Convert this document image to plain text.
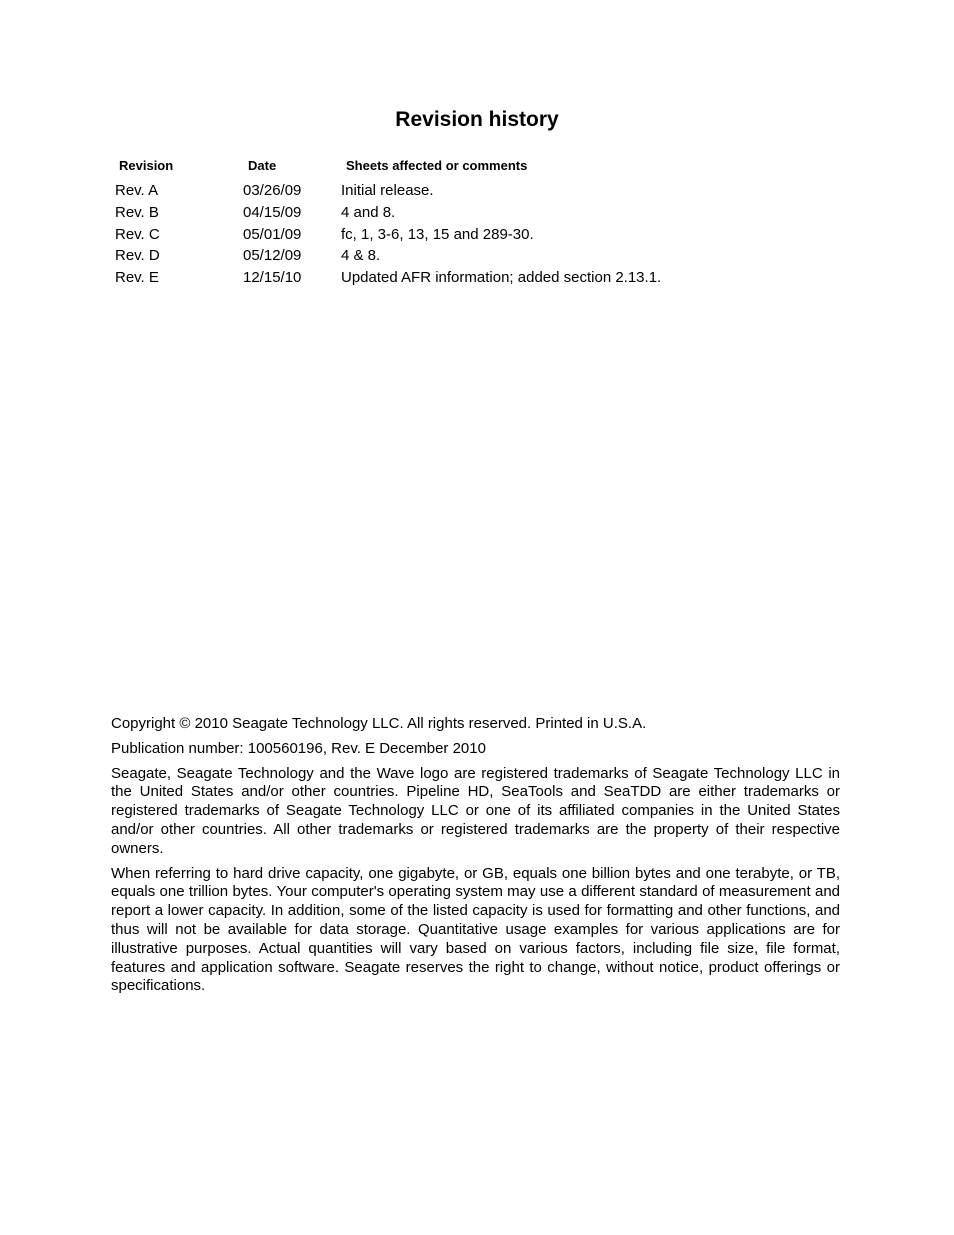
Revision history
Revision	Date	Sheets affected or comments
Rev. A	03/26/09	Initial release.
Rev. B	04/15/09	4 and 8.
Rev. C	05/01/09	fc, 1, 3-6, 13, 15 and 289-30.
Rev. D	05/12/09	4 & 8.
Rev. E	12/15/10	Updated AFR information; added section 2.13.1.

Copyright © 2010 Seagate Technology LLC. All rights reserved. Printed in U.S.A.

Publication number: 100560196, Rev. E December 2010

Seagate, Seagate Technology and the Wave logo are registered trademarks of Seagate Technology LLC in the United States and/or other countries. Pipeline HD, SeaTools and SeaTDD are either trademarks or registered trademarks of Seagate Technology LLC or one of its affiliated companies in the United States and/or other countries. All other trademarks or registered trademarks are the property of their respective owners.

When referring to hard drive capacity, one gigabyte, or GB, equals one billion bytes and one terabyte, or TB, equals one trillion bytes. Your computer's operating system may use a different standard of measurement and report a lower capacity. In addition, some of the listed capacity is used for formatting and other functions, and thus will not be available for data storage. Quantitative usage examples for various applications are for illustrative purposes. Actual quantities will vary based on various factors, including file size, file format, features and application software. Seagate reserves the right to change, without notice, product offerings or specifications.
